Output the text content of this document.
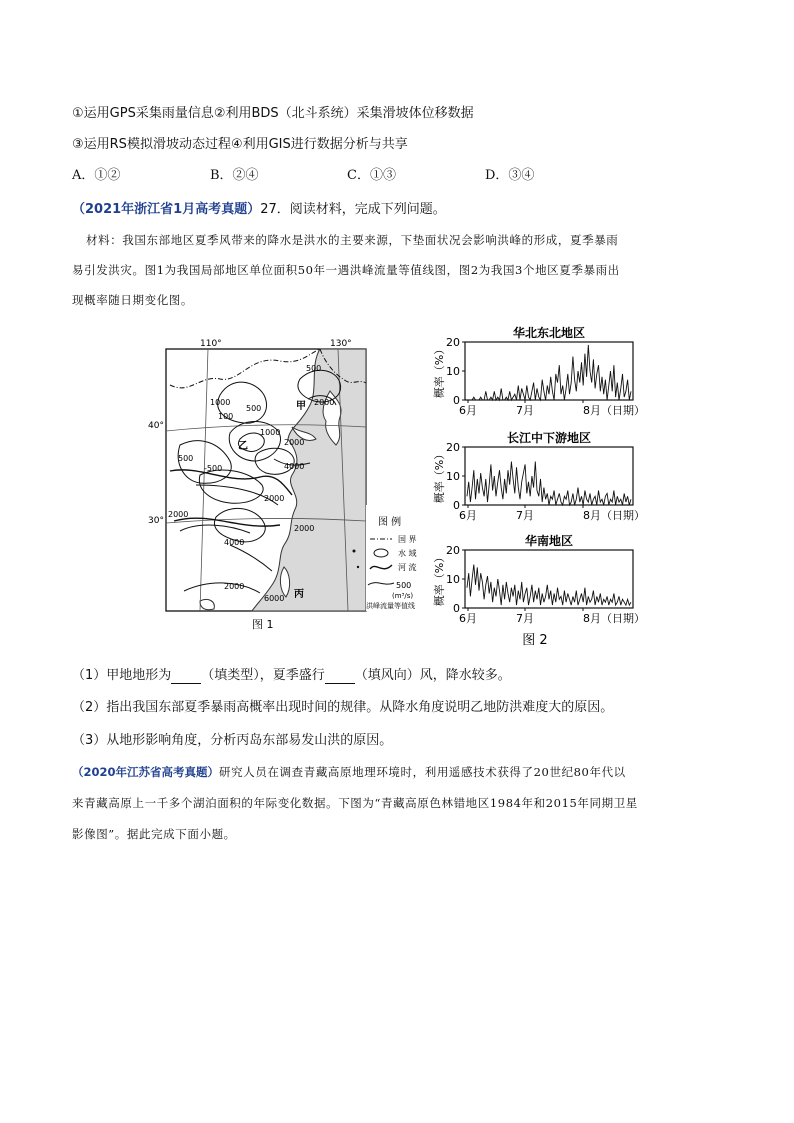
①运用GPS采集雨量信息②利用BDS（北斗系统）采集滑坡体位移数据
③运用RS模拟滑坡动态过程④利用GIS进行数据分析与共享
A．①②	B．②④	C．①③	D．③④
（2021年浙江省1月高考真题）27．阅读材料，完成下列问题。
材料：我国东部地区夏季风带来的降水是洪水的主要来源，下垫面状况会影响洪峰的形成，夏季暴雨
易引发洪灾。图1为我国局部地区单位面积50年一遇洪峰流量等值线图，图2为我国3个地区夏季暴雨出
现概率随日期变化图。
110°	130°
40°
30°
500
100
500
1000
2000
2000
-500	4000
2000
2000
4000
2000
2000
6000
500
1000	甲
乙
丙
图 例
国 界
水 域
河 流
500
(m³/s)
洪峰流量等值线
图 1
华北东北地区
0
10
20
概率（%）
6月	7月	8月（日期）
长江中下游地区
0
10
20
概率（%）
6月	7月	8月（日期）
华南地区
0
10
20
概率（%）
6月	7月	8月（日期）
图 2
（1）甲地地形为 （填类型），夏季盛行 （填风向）风，降水较多。
（2）指出我国东部夏季暴雨高概率出现时间的规律。从降水角度说明乙地防洪难度大的原因。
（3）从地形影响角度，分析丙岛东部易发山洪的原因。
（2020年江苏省高考真题）研究人员在调查青藏高原地理环境时，利用遥感技术获得了20世纪80年代以
来青藏高原上一千多个湖泊面积的年际变化数据。下图为“青藏高原色林错地区1984年和2015年同期卫星
影像图”。据此完成下面小题。
